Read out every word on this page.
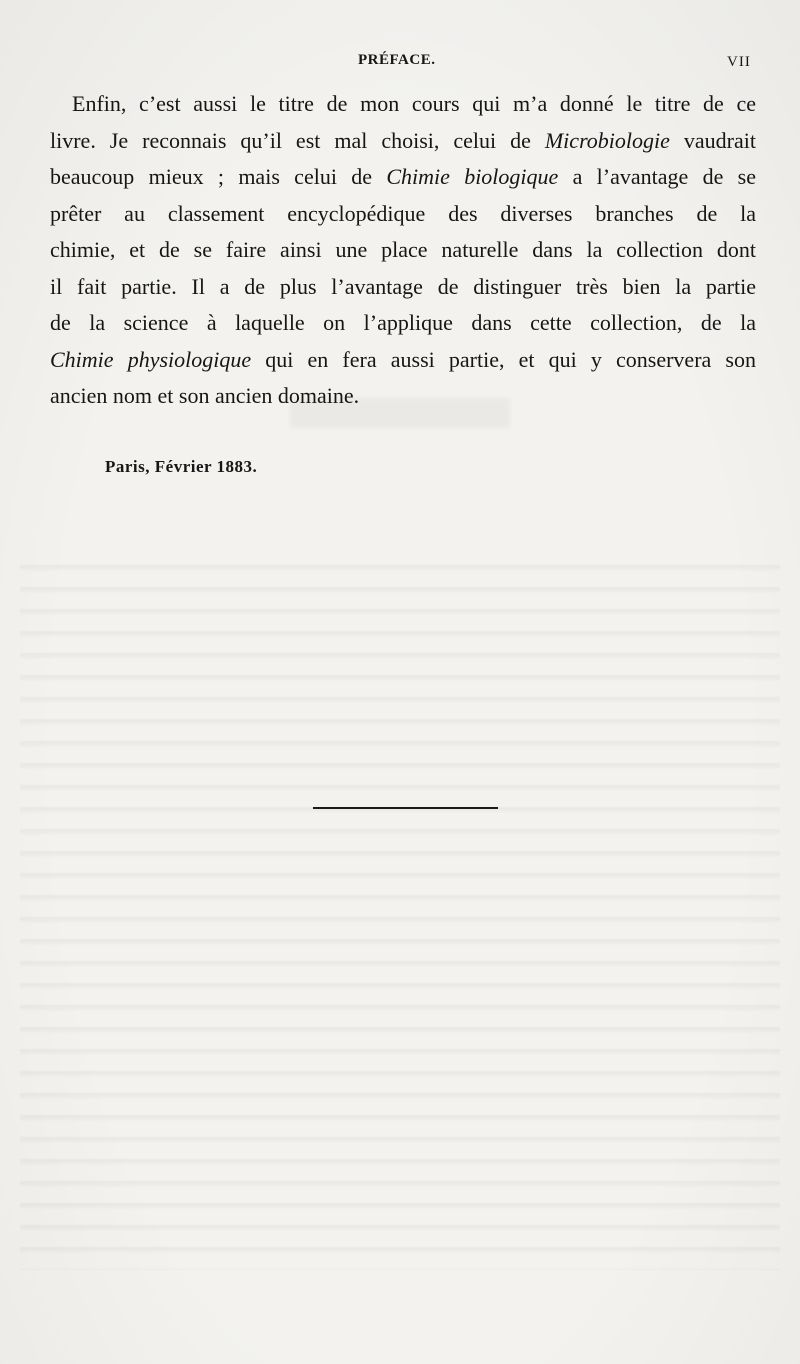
PRÉFACE.	VII
Enfin, c’est aussi le titre de mon cours qui m’a donné le titre de ce
livre. Je reconnais qu’il est mal choisi, celui de Microbiologie vaudrait
beaucoup mieux ; mais celui de Chimie biologique a l’avantage de se
prêter au classement encyclopédique des diverses branches de la
chimie, et de se faire ainsi une place naturelle dans la collection dont
il fait partie. Il a de plus l’avantage de distinguer très bien la partie
de la science à laquelle on l’applique dans cette collection, de la
Chimie physiologique qui en fera aussi partie, et qui y conservera son
ancien nom et son ancien domaine.
Paris, Février 1883.
